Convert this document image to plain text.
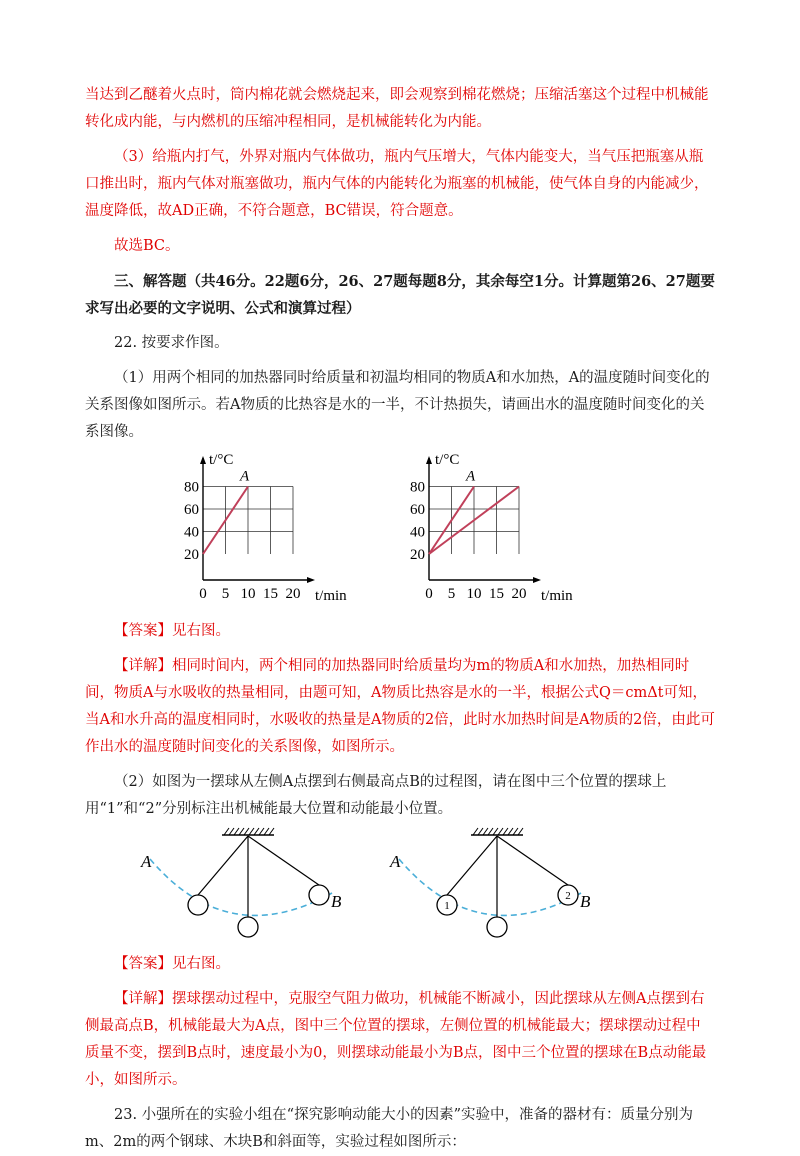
当达到乙醚着火点时，筒内棉花就会燃烧起来，即会观察到棉花燃烧；压缩活塞这个过程中机械能转化成内能，与内燃机的压缩冲程相同，是机械能转化为内能。

（3）给瓶内打气，外界对瓶内气体做功，瓶内气压增大，气体内能变大，当气压把瓶塞从瓶口推出时，瓶内气体对瓶塞做功，瓶内气体的内能转化为瓶塞的机械能，使气体自身的内能减少，温度降低，故AD正确，不符合题意，BC错误，符合题意。

故选BC。

三、解答题（共46分。22题6分，26、27题每题8分，其余每空1分。计算题第26、27题要求写出必要的文字说明、公式和演算过程）

22. 按要求作图。

（1）用两个相同的加热器同时给质量和初温均相同的物质A和水加热，A的温度随时间变化的关系图像如图所示。若A物质的比热容是水的一半，不计热损失，请画出水的温度随时间变化的关系图像。

0 5 10 15 20
20
40
60
80
t/°C
t/min
A
0 5 10 15 20
20
40
60
80
t/°C
t/min
A

【答案】见右图。

【详解】相同时间内，两个相同的加热器同时给质量均为m的物质A和水加热，加热相同时间，物质A与水吸收的热量相同，由题可知，A物质比热容是水的一半，根据公式Q＝cmΔt可知，当A和水升高的温度相同时，水吸收的热量是A物质的2倍，此时水加热时间是A物质的2倍，由此可作出水的温度随时间变化的关系图像，如图所示。

（2）如图为一摆球从左侧A点摆到右侧最高点B的过程图，请在图中三个位置的摆球上用“1”和“2”分别标注出机械能最大位置和动能最小位置。

A
B
A
B
1
2

【答案】见右图。

【详解】摆球摆动过程中，克服空气阻力做功，机械能不断减小，因此摆球从左侧A点摆到右侧最高点B，机械能最大为A点，图中三个位置的摆球，左侧位置的机械能最大；摆球摆动过程中质量不变，摆到B点时，速度最小为0，则摆球动能最小为B点，图中三个位置的摆球在B点动能最小，如图所示。

23. 小强所在的实验小组在“探究影响动能大小的因素”实验中，准备的器材有：质量分别为m、2m的两个钢球、木块B和斜面等，实验过程如图所示：
